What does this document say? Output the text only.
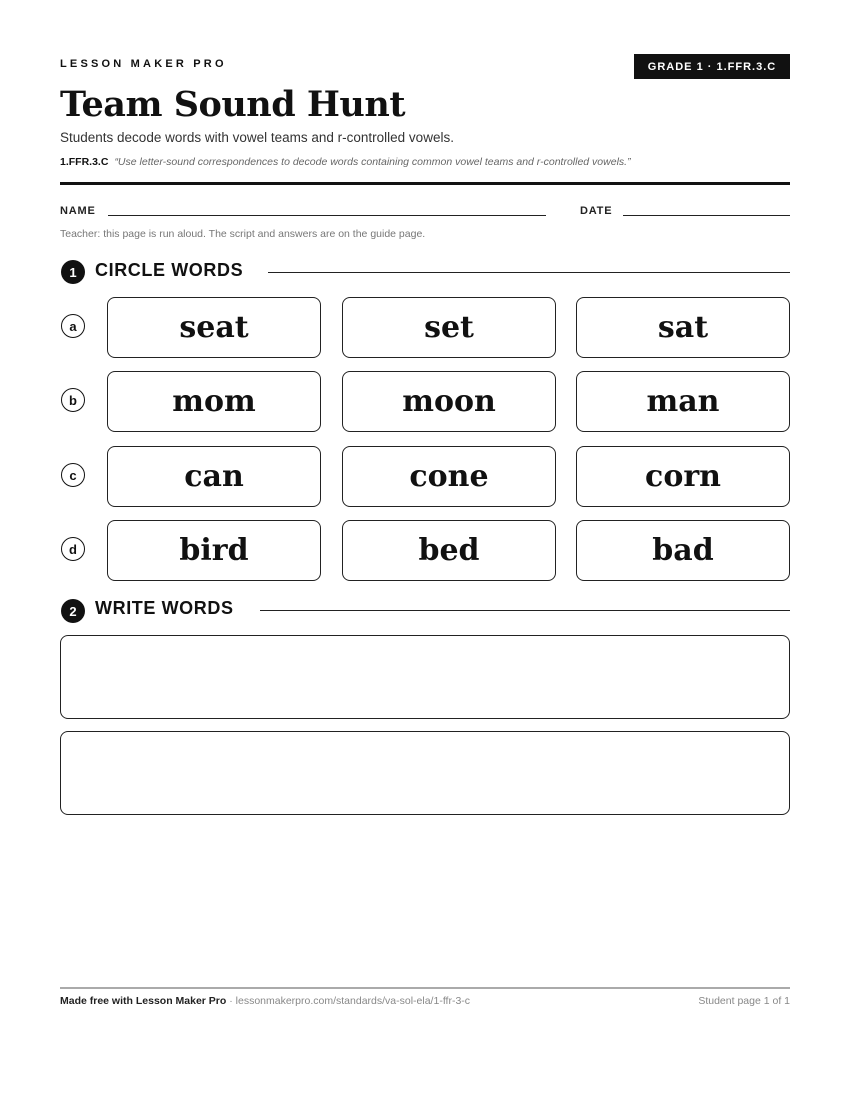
LESSON MAKER PRO	GRADE 1 · 1.FFR.3.C
Team Sound Hunt
Students decode words with vowel teams and r-controlled vowels.
1.FFR.3.C “Use letter-sound correspondences to decode words containing common vowel teams and r-controlled vowels.”
NAME	DATE
Teacher: this page is run aloud. The script and answers are on the guide page.
1	CIRCLE WORDS
a	seat	set	sat
b	mom	moon	man
c	can	cone	corn
d	bird	bed	bad
2	WRITE WORDS
Made free with Lesson Maker Pro · lessonmakerpro.com/standards/va-sol-ela/1-ffr-3-c	Student page 1 of 1
